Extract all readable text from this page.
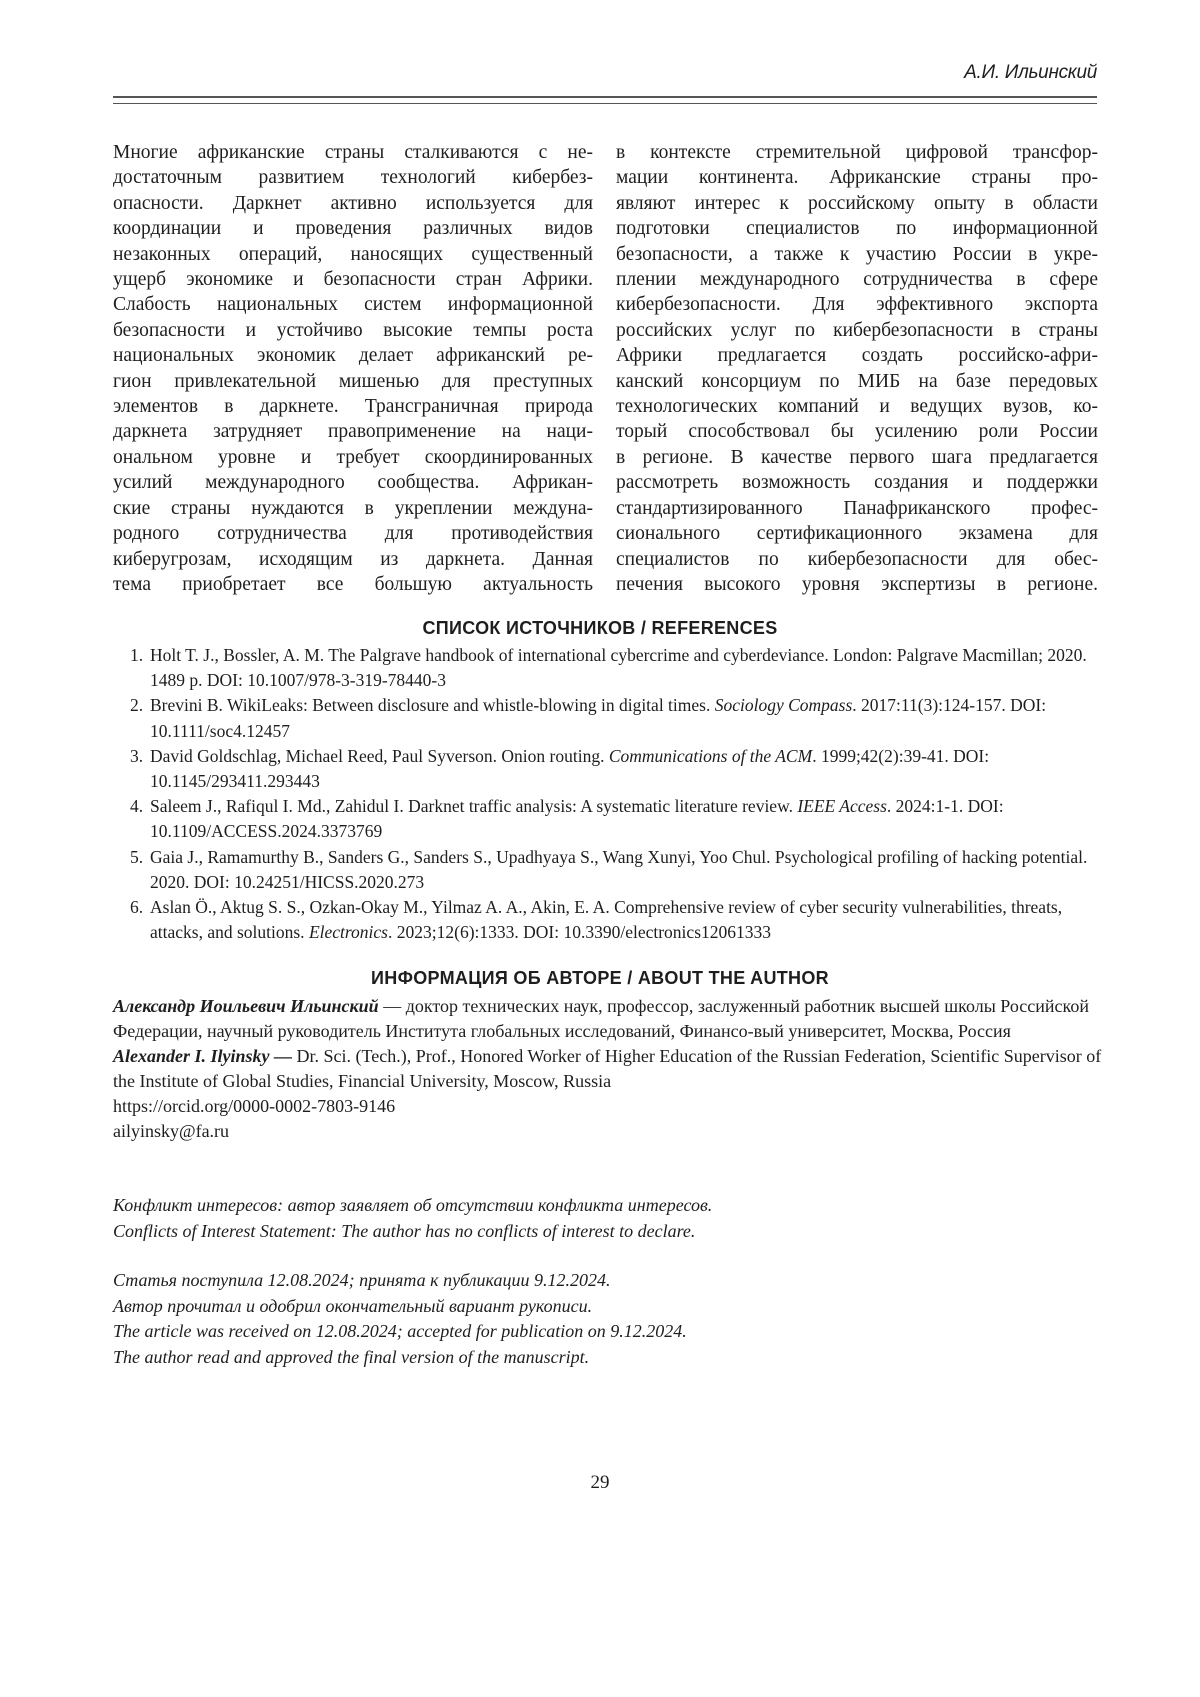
А.И. Ильинский
Многие африканские страны сталкиваются с не-
достаточным развитием технологий кибербез-
опасности. Даркнет активно используется для
координации и проведения различных видов
незаконных операций, наносящих существенный
ущерб экономике и безопасности стран Африки.
Слабость национальных систем информационной
безопасности и устойчиво высокие темпы роста
национальных экономик делает африканский ре-
гион привлекательной мишенью для преступных
элементов в даркнете. Трансграничная природа
даркнета затрудняет правоприменение на наци-
ональном уровне и требует скоординированных
усилий международного сообщества. Африкан-
ские страны нуждаются в укреплении междуна-
родного сотрудничества для противодействия
киберугрозам, исходящим из даркнета. Данная
тема приобретает все большую актуальность
в контексте стремительной цифровой трансфор-
мации континента. Африканские страны про-
являют интерес к российскому опыту в области
подготовки специалистов по информационной
безопасности, а также к участию России в укре-
плении международного сотрудничества в сфере
кибербезопасности. Для эффективного экспорта
российских услуг по кибербезопасности в страны
Африки предлагается создать российско-афри-
канский консорциум по МИБ на базе передовых
технологических компаний и ведущих вузов, ко-
торый способствовал бы усилению роли России
в регионе. В качестве первого шага предлагается
рассмотреть возможность создания и поддержки
стандартизированного Панафриканского профес-
сионального сертификационного экзамена для
специалистов по кибербезопасности для обес-
печения высокого уровня экспертизы в регионе.
СПИСОК ИСТОЧНИКОВ / REFERENCES
1. Holt T. J., Bossler, A. M. The Palgrave handbook of international cybercrime and cyberdeviance. London: Palgrave Macmillan; 2020. 1489 p. DOI: 10.1007/978-3-319-78440-3
2. Brevini B. WikiLeaks: Between disclosure and whistle-blowing in digital times. Sociology Compass. 2017:11(3):124-157. DOI: 10.1111/soc4.12457
3. David Goldschlag, Michael Reed, Paul Syverson. Onion routing. Communications of the ACM. 1999;42(2):39-41. DOI: 10.1145/293411.293443
4. Saleem J., Rafiqul I. Md., Zahidul I. Darknet traffic analysis: A systematic literature review. IEEE Access. 2024:1-1. DOI: 10.1109/ACCESS.2024.3373769
5. Gaia J., Ramamurthy B., Sanders G., Sanders S., Upadhyaya S., Wang Xunyi, Yoo Chul. Psychological profiling of hacking potential. 2020. DOI: 10.24251/HICSS.2020.273
6. Aslan Ö., Aktug S. S., Ozkan-Okay M., Yilmaz A. A., Akin, E. A. Comprehensive review of cyber security vulnerabilities, threats, attacks, and solutions. Electronics. 2023;12(6):1333. DOI: 10.3390/electronics12061333
ИНФОРМАЦИЯ ОБ АВТОРЕ / ABOUT THE AUTHOR
Александр Иоильевич Ильинский — доктор технических наук, профессор, заслуженный работник высшей школы Российской Федерации, научный руководитель Института глобальных исследований, Финансо-вый университет, Москва, Россия
Alexander I. Ilyinsky — Dr. Sci. (Tech.), Prof., Honored Worker of Higher Education of the Russian Federation, Scientific Supervisor of the Institute of Global Studies, Financial University, Moscow, Russia
https://orcid.org/0000-0002-7803-9146
ailyinsky@fa.ru
Конфликт интересов: автор заявляет об отсутствии конфликта интересов.
Conflicts of Interest Statement: The author has no conflicts of interest to declare.
Статья поступила 12.08.2024; принята к публикации 9.12.2024.
Автор прочитал и одобрил окончательный вариант рукописи.
The article was received on 12.08.2024; accepted for publication on 9.12.2024.
The author read and approved the final version of the manuscript.
29
